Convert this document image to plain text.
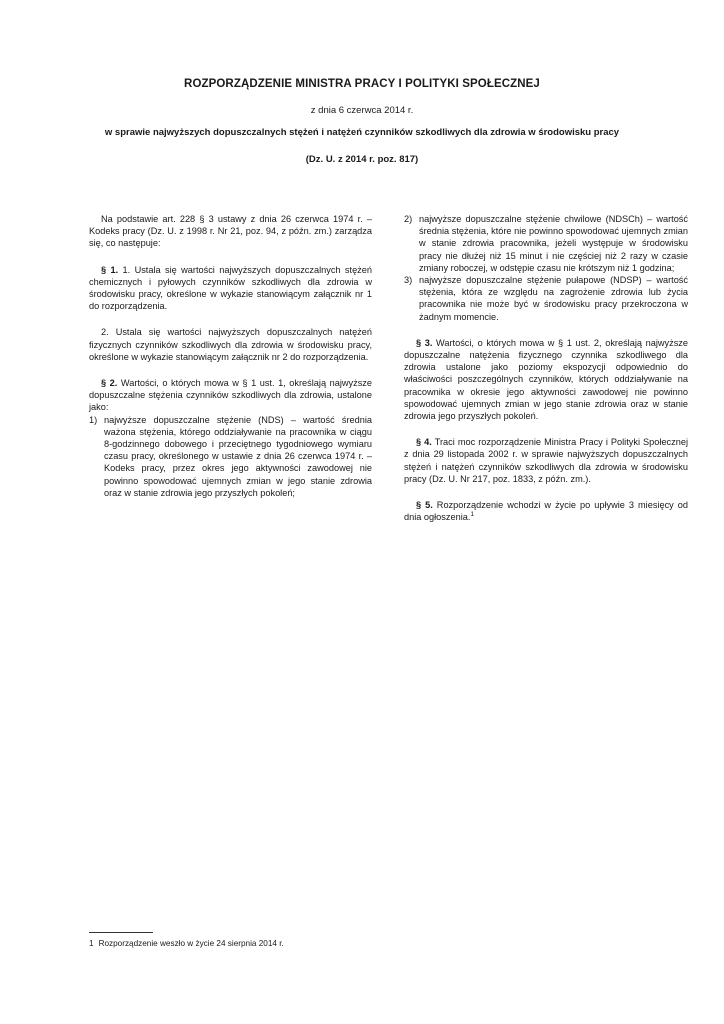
ROZPORZĄDZENIE MINISTRA PRACY I POLITYKI SPOŁECZNEJ
z dnia 6 czerwca 2014 r.
w sprawie najwyższych dopuszczalnych stężeń i natężeń czynników szkodliwych dla zdrowia w środowisku pracy
(Dz. U. z 2014 r. poz. 817)

Na podstawie art. 228 § 3 ustawy z dnia 26 czerwca 1974 r. – Kodeks pracy (Dz. U. z 1998 r. Nr 21, poz. 94, z późn. zm.) zarządza się, co następuje:

§ 1. 1. Ustala się wartości najwyższych dopuszczalnych stężeń chemicznych i pyłowych czynników szkodliwych dla zdrowia w środowisku pracy, określone w wykazie stanowiącym załącznik nr 1 do rozporządzenia.

2. Ustala się wartości najwyższych dopuszczalnych natężeń fizycznych czynników szkodliwych dla zdrowia w środowisku pracy, określone w wykazie stanowiącym załącznik nr 2 do rozporządzenia.

§ 2. Wartości, o których mowa w § 1 ust. 1, określają najwyższe dopuszczalne stężenia czynników szkodliwych dla zdrowia, ustalone jako:

1) najwyższe dopuszczalne stężenie (NDS) – wartość średnia ważona stężenia, którego oddziaływanie na pracownika w ciągu 8-godzinnego dobowego i przeciętnego tygodniowego wymiaru czasu pracy, określonego w ustawie z dnia 26 czerwca 1974 r. – Kodeks pracy, przez okres jego aktywności zawodowej nie powinno spowodować ujemnych zmian w jego stanie zdrowia oraz w stanie zdrowia jego przyszłych pokoleń;
2) najwyższe dopuszczalne stężenie chwilowe (NDSCh) – wartość średnia stężenia, które nie powinno spowodować ujemnych zmian w stanie zdrowia pracownika, jeżeli występuje w środowisku pracy nie dłużej niż 15 minut i nie częściej niż 2 razy w czasie zmiany roboczej, w odstępie czasu nie krótszym niż 1 godzina;
3) najwyższe dopuszczalne stężenie pułapowe (NDSP) – wartość stężenia, która ze względu na zagrożenie zdrowia lub życia pracownika nie może być w środowisku pracy przekroczona w żadnym momencie.

§ 3. Wartości, o których mowa w § 1 ust. 2, określają najwyższe dopuszczalne natężenia fizycznego czynnika szkodliwego dla zdrowia ustalone jako poziomy ekspozycji odpowiednio do właściwości poszczególnych czynników, których oddziaływanie na pracownika w okresie jego aktywności zawodowej nie powinno spowodować ujemnych zmian w jego stanie zdrowia oraz w stanie zdrowia jego przyszłych pokoleń.

§ 4. Traci moc rozporządzenie Ministra Pracy i Polityki Społecznej z dnia 29 listopada 2002 r. w sprawie najwyższych dopuszczalnych stężeń i natężeń czynników szkodliwych dla zdrowia w środowisku pracy (Dz. U. Nr 217, poz. 1833, z późn. zm.).

§ 5. Rozporządzenie wchodzi w życie po upływie 3 miesięcy od dnia ogłoszenia.$^1$

1 Rozporządzenie weszło w życie 24 sierpnia 2014 r.
